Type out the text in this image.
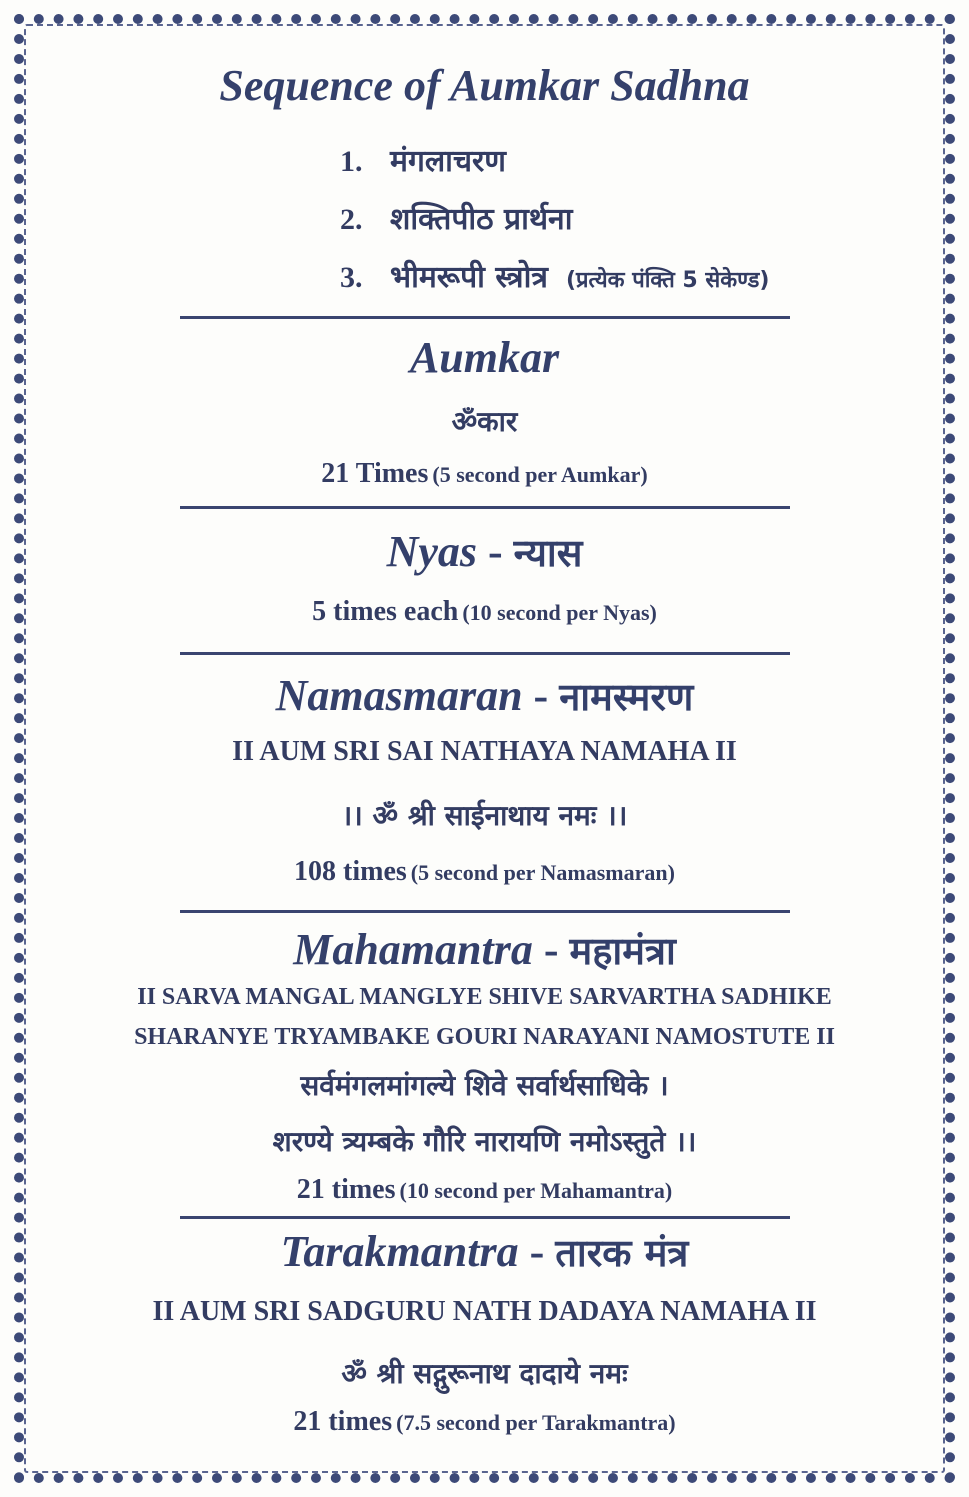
Sequence of Aumkar Sadhna
1. मंगलाचरण
2. शक्तिपीठ प्रार्थना
3. भीमरूपी स्त्रोत्र (प्रत्येक पंक्ति 5 सेकेण्ड)
Aumkar
ॐकार
21 Times (5 second per Aumkar)
Nyas - न्यास
5 times each (10 second per Nyas)
Namasmaran - नामस्मरण
II AUM SRI SAI NATHAYA NAMAHA II
।। ॐ श्री साईनाथाय नमः ।।
108 times (5 second per Namasmaran)
Mahamantra - महामंत्रा
II SARVA MANGAL MANGLYE SHIVE SARVARTHA SADHIKE
SHARANYE TRYAMBAKE GOURI NARAYANI NAMOSTUTE II
सर्वमंगलमांगल्ये शिवे सर्वार्थसाधिके ।
शरण्ये त्र्यम्बके गौरि नारायणि नमोऽस्तुते ।।
21 times (10 second per Mahamantra)
Tarakmantra - तारक मंत्र
II AUM SRI SADGURU NATH DADAYA NAMAHA II
ॐ श्री सद्गुरूनाथ दादाये नमः
21 times (7.5 second per Tarakmantra)
